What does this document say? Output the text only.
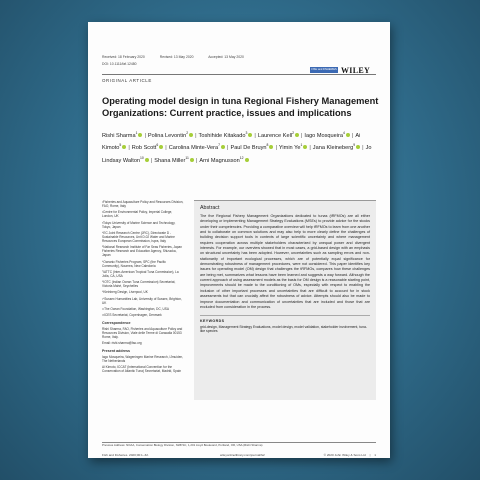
Received: 18 February 2020	Revised: 13 May 2020	Accepted: 13 May 2020
DOI: 10.1111/faf.12480
FISH and FISHERIES WILEY
ORIGINAL ARTICLE
Operating model design in tuna Regional Fishery Management Organizations: Current practice, issues and implications
Rishi Sharma$^1$ | Polina Levontin$^2$ | Toshihide Kitakado$^3$ | Laurence Kell$^2$ | Iago Mosqueira$^4$ | Ai Kimoto$^5$ | Rob Scott$^6$ | Carolina Minte-Vera$^7$ | Paul De Bruyn$^8$ | Yimin Ye$^1$ | Jana Kleineberg$^9$ | Jo Lindsay Walton$^{10}$ | Shana Miller$^{11}$ | Arni Magnusson$^{12}$

¹Fisheries and Aquaculture Policy and Resources Division, FAO, Rome, Italy

²Centre for Environmental Policy, Imperial College, London, UK

³Tokyo University of Marine Science and Technology, Tokyo, Japan

⁴EC Joint Research Centre (JRC), Directorate D - Sustainable Resources, Unit D.02 Water and Marine Resources European Commission, Ispra, Italy

⁵National Research Institute of Far Seas Fisheries, Japan Fisheries Research and Education Agency, Shizuoka, Japan

⁶Oceanic Fisheries Program, SPC (the Pacific Community), Noumea, New Caledonia

⁷IATTC (Inter-American Tropical Tuna Commission), La Jolla, CA, USA

⁸IOTC (Indian Ocean Tuna Commission) Secretariat, Victoria Mahé, Seychelles

⁹Kleinberg Design, Liverpool, UK

¹⁰Sussex Humanities Lab, University of Sussex, Brighton, UK

¹¹The Ocean Foundation, Washington, DC, USA

¹²ICES Secretariat, Copenhagen, Denmark

Correspondence

Rishi Sharma, FAO, Fisheries and Aquaculture Policy and Resources Division, Viale delle Terme di Caracalla 00153 Rome, Italy.

Email: rishi.sharma@fao.org

Present address

Iago Mosqueira, Wageningen Marine Research, IJmuiden, The Netherlands

Ai Kimoto, ICCAT (International Convention for the Conservation of Atlantic Tuna) Secretariat, Madrid, Spain

Abstract

The five Regional Fishery Management Organizations dedicated to tunas (tRFMOs) are all either developing or implementing Management Strategy Evaluations (MSEs) to provide advice for the stocks under their competencies. Providing a comparative overview will help tRFMOs to learn from one another and to collaborate on common solutions and may also help to more clearly define the challenges of building decision support tools in contexts of large scientific uncertainty and where management requires cooperation across multiple stakeholders characterized by unequal power and divergent interests. For example, our overview showed that in most cases, a grid-based design with an emphasis on structural uncertainty has been adopted. However, uncertainties such as sampling errors and non-stationarity of important ecological processes, which are of potentially equal significance for demonstrating robustness of management procedures, were not considered. This paper identifies key issues for operating model (OM) design that challenges the tRFMOs, compares how these challenges are being met, summarizes what lessons have been learned and suggests a way forward. Although the current approach of using assessment models as the basis for OM design is a reasonable starting point, improvements should be made to the conditioning of OMs, especially with respect to enabling the inclusion of other important processes and uncertainties that are difficult to account for in stock assessments but that can crucially affect the robustness of advice. Attempts should also be made to improve documentation and communication of uncertainties that are included and those that are excluded from consideration in the process.

KEYWORDS
grid-design, Management Strategy Evaluations, model design, model validation, stakeholder involvement, tuna-like species
Previous Address: NOAA, Conservation Biology Division, NWFSC, 1,201 Lloyd Boulevard, Portland, OR, USA (Rishi Sharma)
Fish and Fisheries. 2020;00:1–32.	wileyonlinelibrary.com/journal/faf	© 2020 John Wiley & Sons Ltd | 1
